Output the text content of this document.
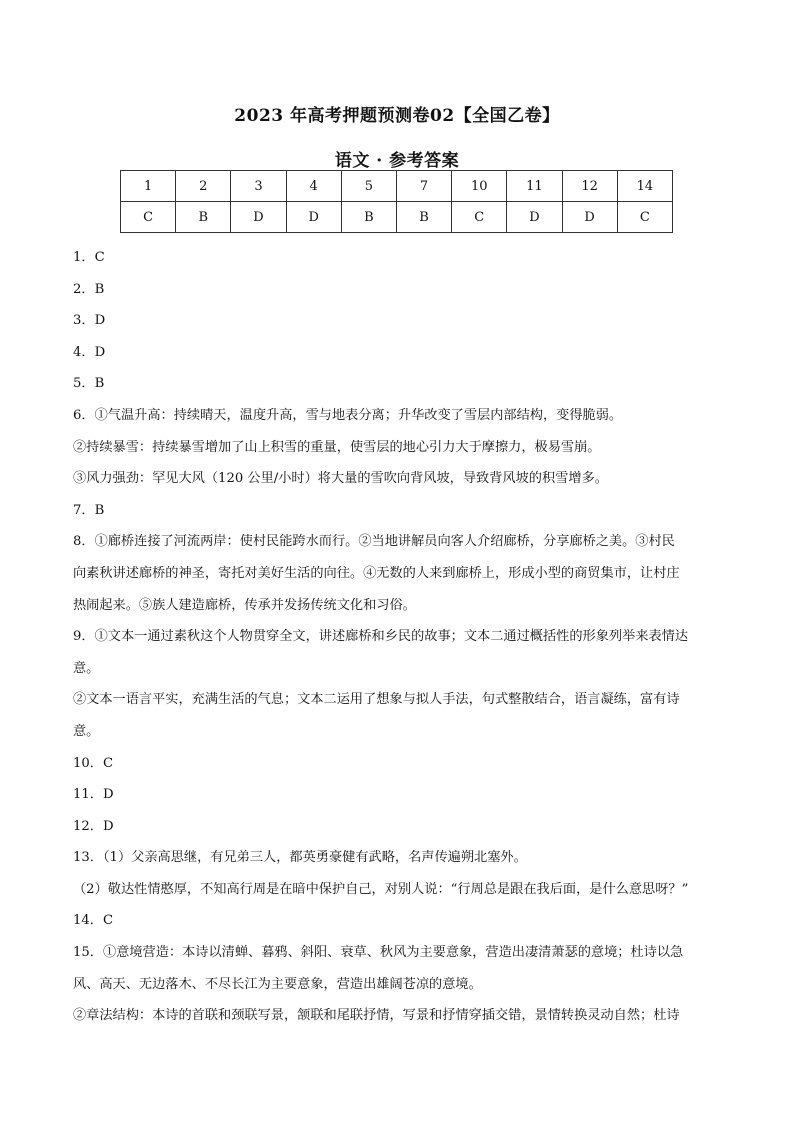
2023 年高考押题预测卷02【全国乙卷】
语文 · 参考答案
1	2	3	4	5	7	10	11	12	14
C	B	D	D	B	B	C	D	D	C

1．C

2．B

3．D

4．D

5．B

6．①气温升高：持续晴天，温度升高，雪与地表分离；升华改变了雪层内部结构，变得脆弱。

②持续暴雪：持续暴雪增加了山上积雪的重量，使雪层的地心引力大于摩擦力，极易雪崩。

③风力强劲：罕见大风（120 公里/小时）将大量的雪吹向背风坡，导致背风坡的积雪增多。

7．B

8．①廊桥连接了河流两岸：使村民能跨水而行。②当地讲解员向客人介绍廊桥，分享廊桥之美。③村民

向素秋讲述廊桥的神圣，寄托对美好生活的向往。④无数的人来到廊桥上，形成小型的商贸集市，让村庄

热闹起来。⑤族人建造廊桥，传承并发扬传统文化和习俗。

9．①文本一通过素秋这个人物贯穿全文，讲述廊桥和乡民的故事；文本二通过概括性的形象列举来表情达

意。

②文本一语言平实，充满生活的气息；文本二运用了想象与拟人手法，句式整散结合，语言凝练，富有诗

意。

10．C

11．D

12．D

13．（1）父亲高思继，有兄弟三人，都英勇豪健有武略，名声传遍朔北塞外。

（2）敬达性情憨厚，不知高行周是在暗中保护自己，对别人说：“行周总是跟在我后面，是什么意思呀？”

14．C

15．①意境营造：本诗以清蝉、暮鸦、斜阳、衰草、秋风为主要意象，营造出凄清萧瑟的意境；杜诗以急

风、高天、无边落木、不尽长江为主要意象，营造出雄阔苍凉的意境。

②章法结构：本诗的首联和颈联写景，颔联和尾联抒情，写景和抒情穿插交错，景情转换灵动自然；杜诗
